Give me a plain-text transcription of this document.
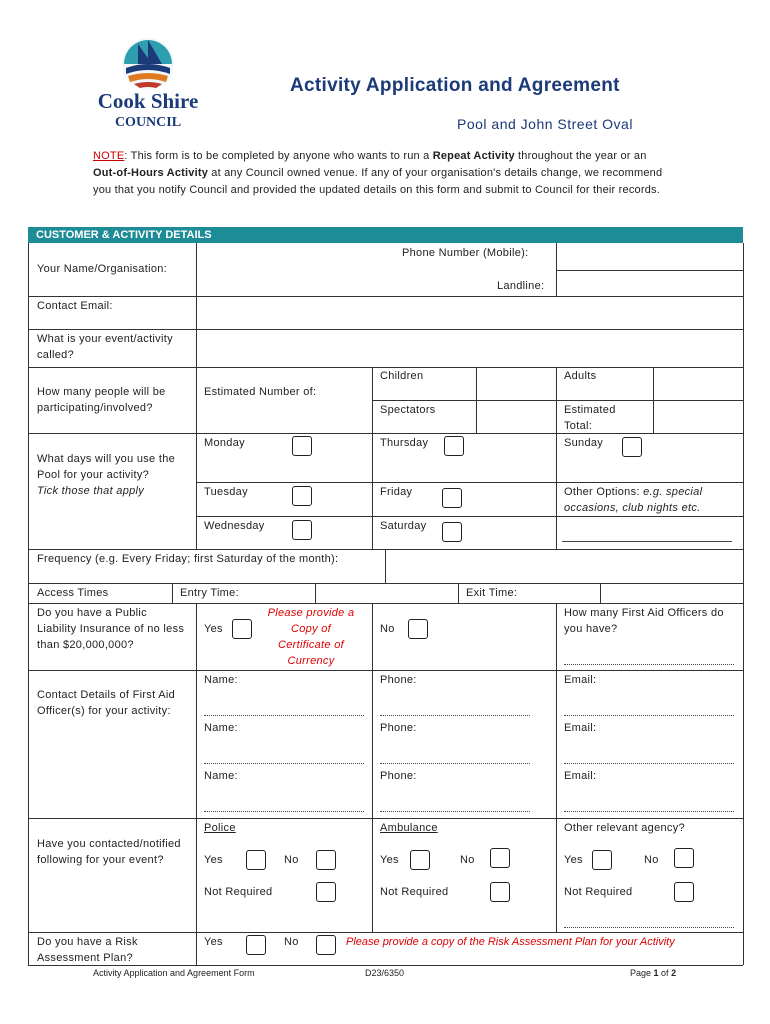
Cook Shire
COUNCIL
Activity Application and Agreement
Pool and John Street Oval
NOTE: This form is to be completed by anyone who wants to run a Repeat Activity throughout the year or an Out-of-Hours Activity at any Council owned venue. If any of your organisation's details change, we recommend you that you notify Council and provided the updated details on this form and submit to Council for their records.
CUSTOMER & ACTIVITY DETAILS
Your Name/Organisation:
Phone Number (Mobile):
Landline:
Contact Email:
What is your event/activity called?
How many people will be participating/involved?
Estimated Number of:
Children	Adults
Spectators	Estimated Total:
What days will you use the Pool for your activity?
Tick those that apply
Monday	Thursday	Sunday
Tuesday	Friday	Other Options: e.g. special occasions, club nights etc.
Wednesday	Saturday
Frequency (e.g. Every Friday; first Saturday of the month):
Access Times	Entry Time:	Exit Time:
Do you have a Public Liability Insurance of no less than $20,000,000?
Yes
Please provide a Copy of Certificate of Currency
No
How many First Aid Officers do you have?
Contact Details of First Aid Officer(s) for your activity:
Name:	Phone:	Email:
Name:	Phone:	Email:
Name:	Phone:	Email:
Have you contacted/notified following for your event?
Police
Yes	No
Not Required
Ambulance
Yes	No
Not Required
Other relevant agency?
Yes	No
Not Required
Do you have a Risk Assessment Plan?
Yes	No	Please provide a copy of the Risk Assessment Plan for your Activity
Activity Application and Agreement Form	D23/6350	Page 1 of 2
